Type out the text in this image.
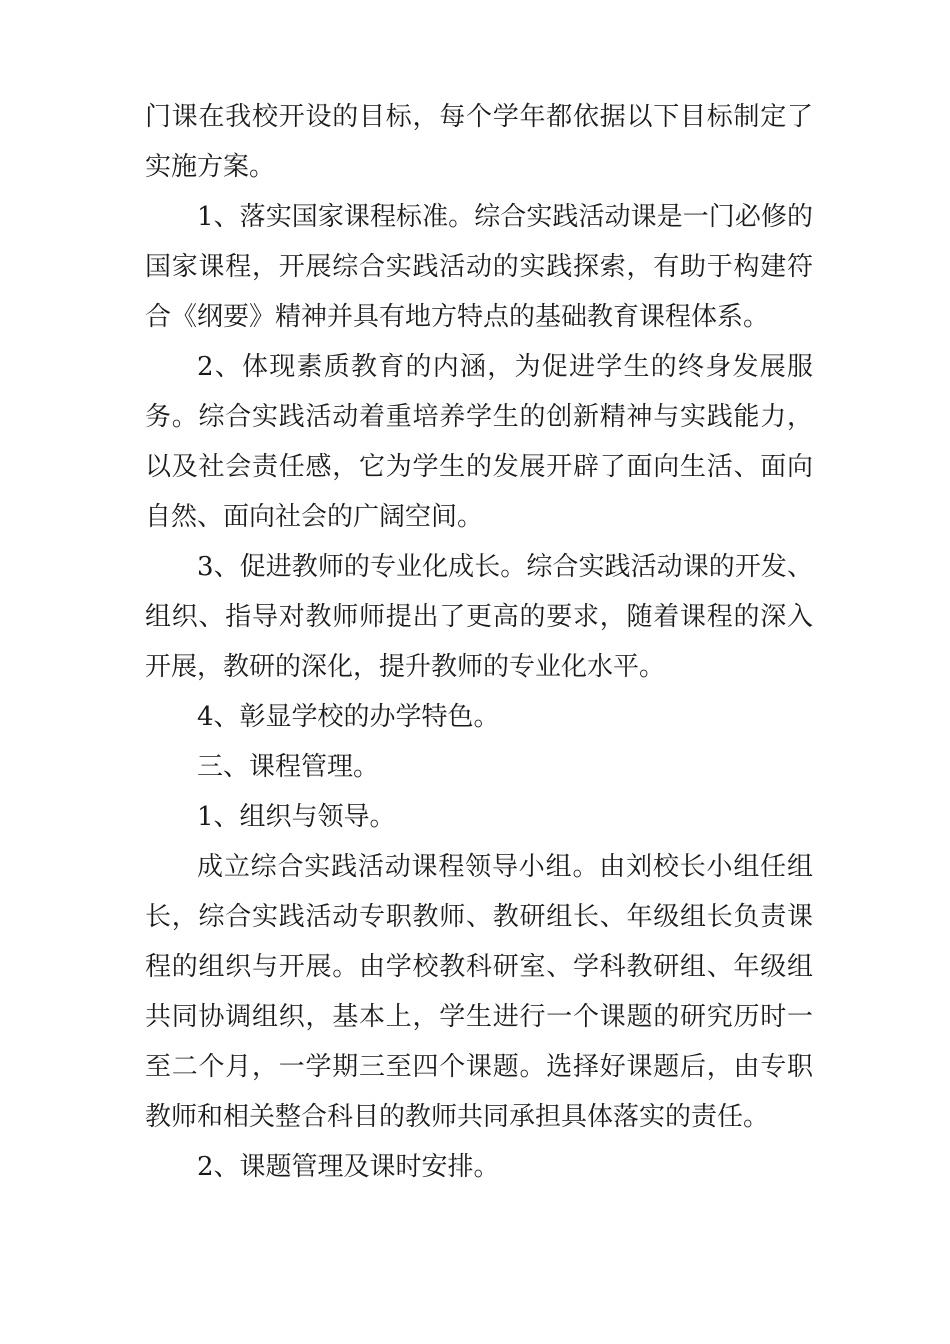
门课在我校开设的目标，每个学年都依据以下目标制定了实施方案。

1、落实国家课程标准。综合实践活动课是一门必修的国家课程，开展综合实践活动的实践探索，有助于构建符合《纲要》精神并具有地方特点的基础教育课程体系。

2、体现素质教育的内涵，为促进学生的终身发展服务。综合实践活动着重培养学生的创新精神与实践能力，以及社会责任感，它为学生的发展开辟了面向生活、面向自然、面向社会的广阔空间。

3、促进教师的专业化成长。综合实践活动课的开发、组织、指导对教师师提出了更高的要求，随着课程的深入开展，教研的深化，提升教师的专业化水平。

4、彰显学校的办学特色。

三、课程管理。

1、组织与领导。

成立综合实践活动课程领导小组。由刘校长小组任组长，综合实践活动专职教师、教研组长、年级组长负责课程的组织与开展。由学校教科研室、学科教研组、年级组共同协调组织，基本上，学生进行一个课题的研究历时一至二个月，一学期三至四个课题。选择好课题后，由专职教师和相关整合科目的教师共同承担具体落实的责任。

2、课题管理及课时安排。
